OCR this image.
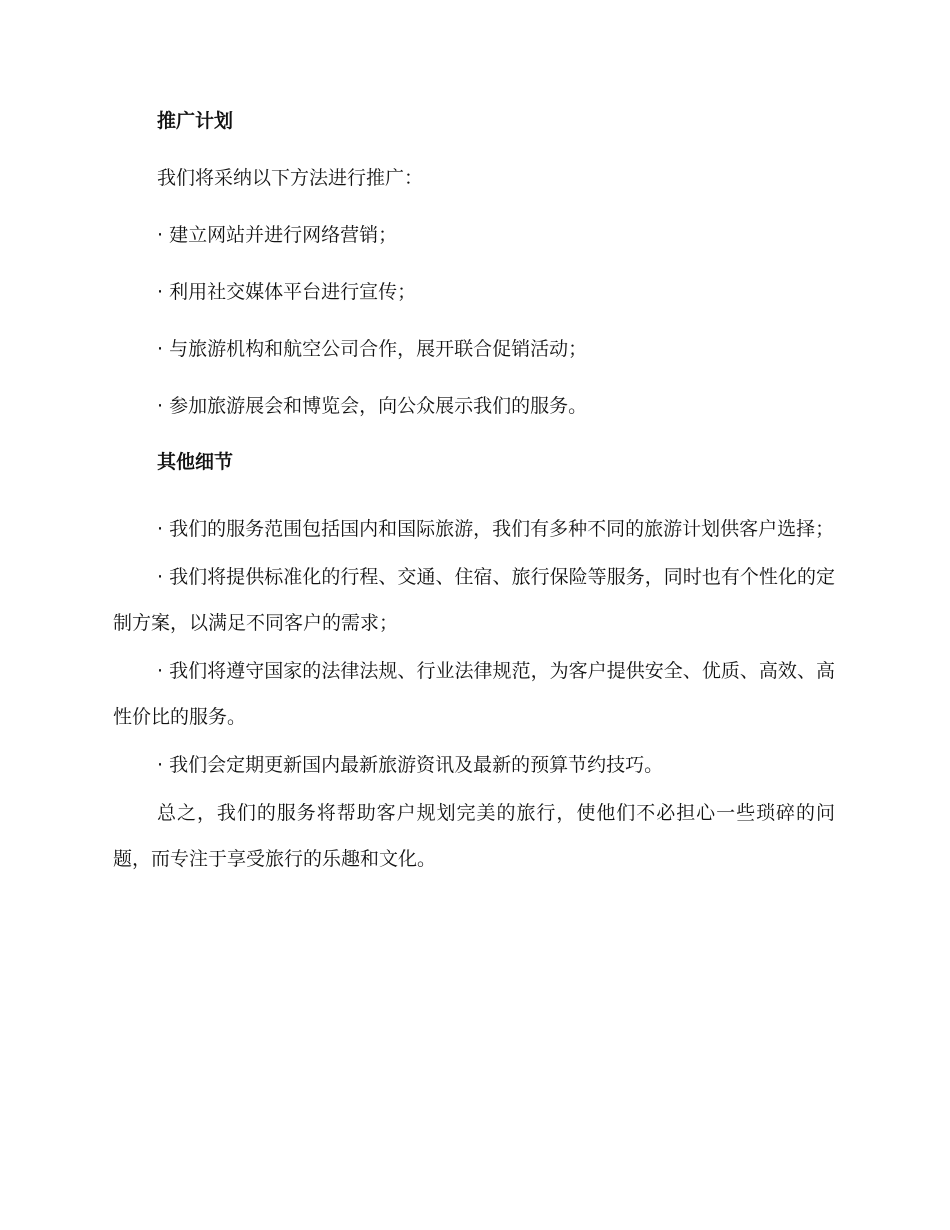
推广计划

我们将采纳以下方法进行推广：

· 建立网站并进行网络营销；

· 利用社交媒体平台进行宣传；

· 与旅游机构和航空公司合作，展开联合促销活动；

· 参加旅游展会和博览会，向公众展示我们的服务。

其他细节

· 我们的服务范围包括国内和国际旅游，我们有多种不同的旅游计划供客户选择；

· 我们将提供标准化的行程、交通、住宿、旅行保险等服务，同时也有个性化的定制方案，以满足不同客户的需求；

· 我们将遵守国家的法律法规、行业法律规范，为客户提供安全、优质、高效、高性价比的服务。

· 我们会定期更新国内最新旅游资讯及最新的预算节约技巧。

总之，我们的服务将帮助客户规划完美的旅行，使他们不必担心一些琐碎的问题，而专注于享受旅行的乐趣和文化。
